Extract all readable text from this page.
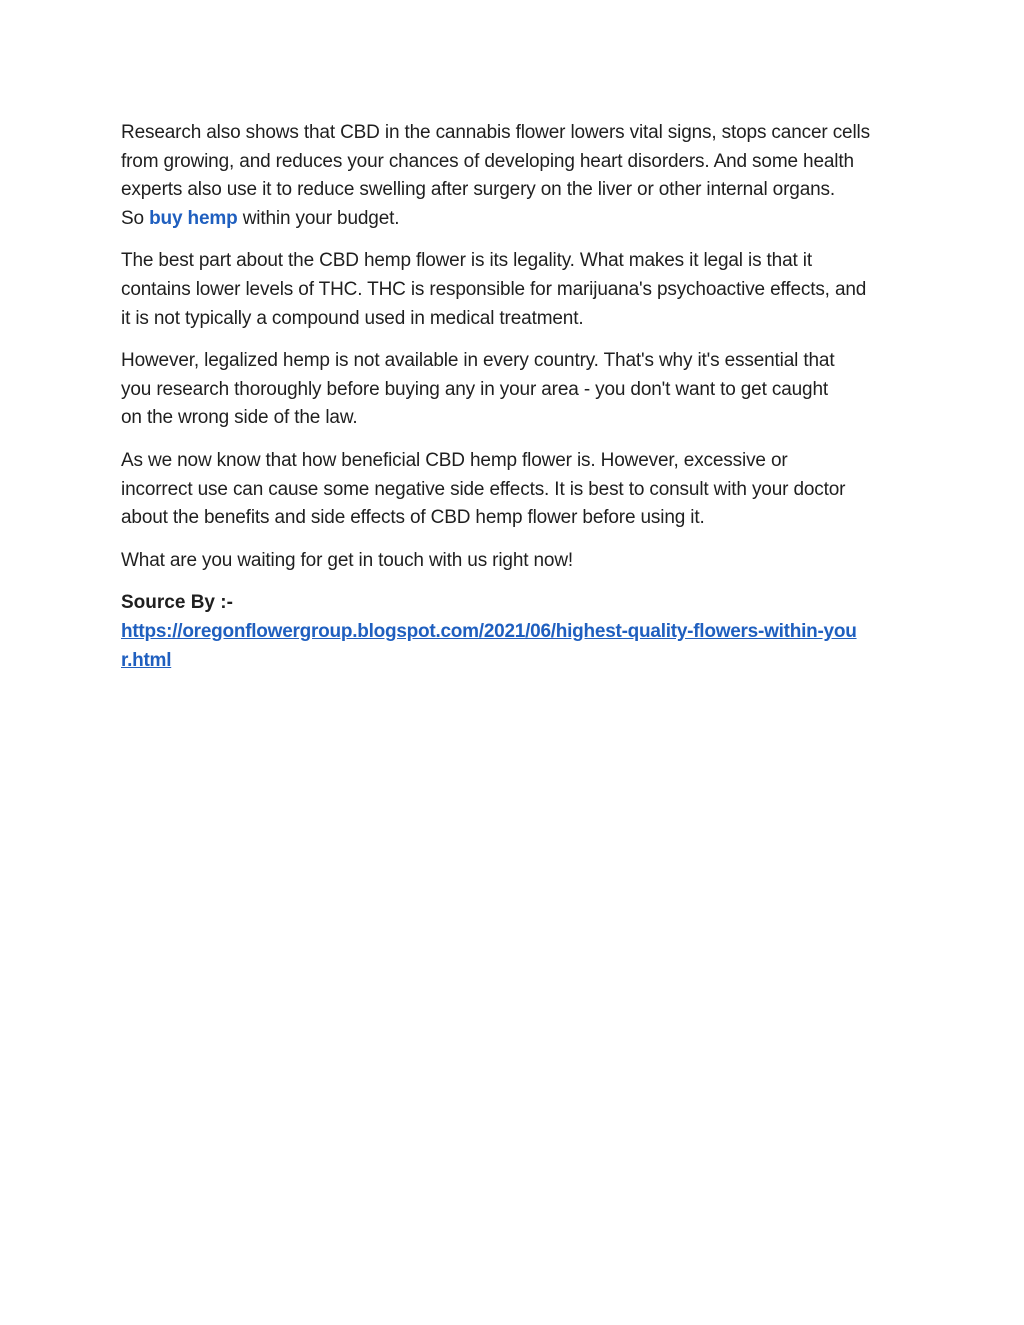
Research also shows that CBD in the cannabis flower lowers vital signs, stops cancer cells
from growing, and reduces your chances of developing heart disorders. And some health
experts also use it to reduce swelling after surgery on the liver or other internal organs.
So buy hemp within your budget.

The best part about the CBD hemp flower is its legality. What makes it legal is that it
contains lower levels of THC. THC is responsible for marijuana's psychoactive effects, and
it is not typically a compound used in medical treatment.

However, legalized hemp is not available in every country. That's why it's essential that
you research thoroughly before buying any in your area - you don't want to get caught
on the wrong side of the law.

As we now know that how beneficial CBD hemp flower is. However, excessive or
incorrect use can cause some negative side effects. It is best to consult with your doctor
about the benefits and side effects of CBD hemp flower before using it.

What are you waiting for get in touch with us right now!

Source By :-
https://oregonflowergroup.blogspot.com/2021/06/highest-quality-flowers-within-you
r.html
